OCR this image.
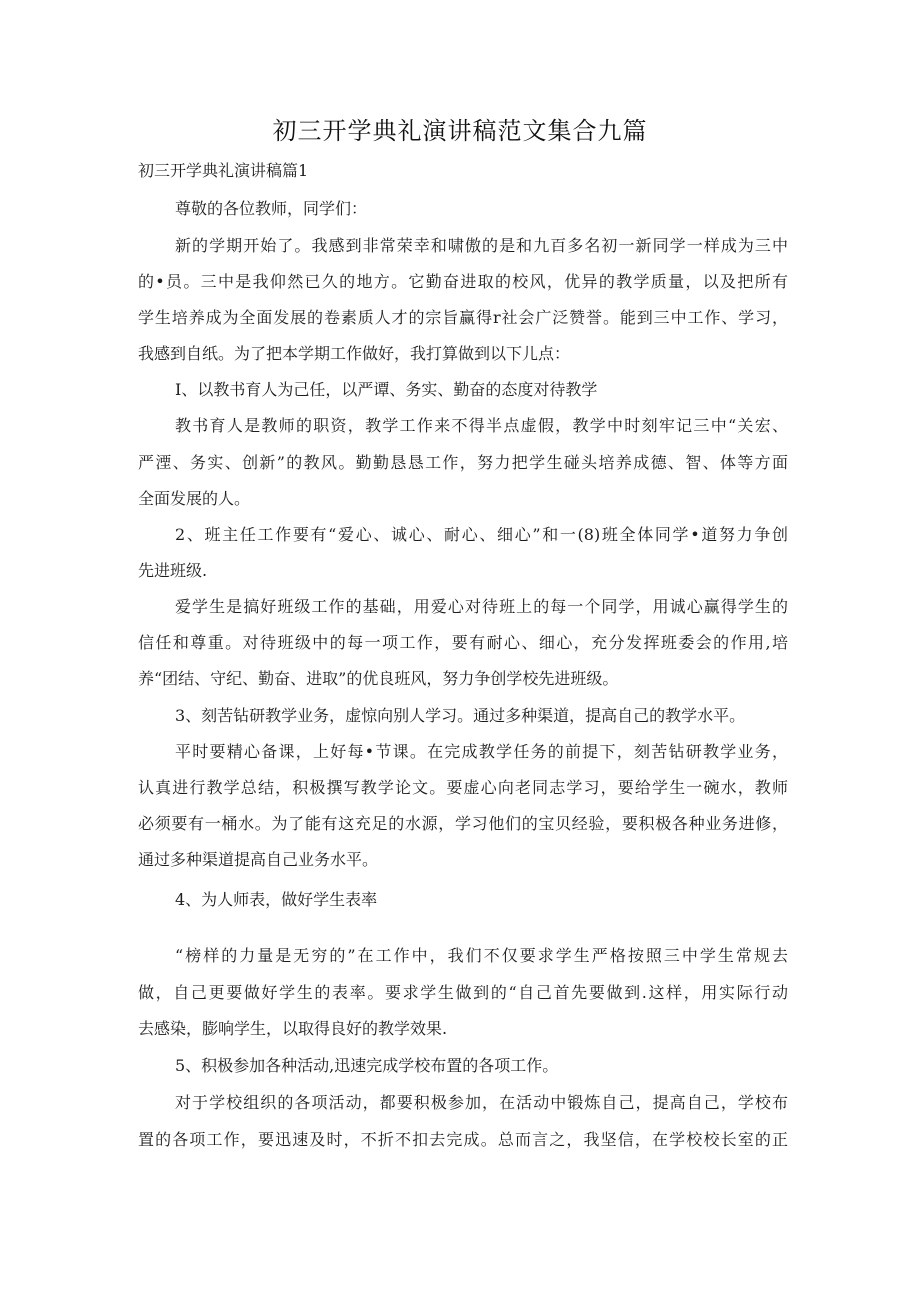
初三开学典礼演讲稿范文集合九篇
初三开学典礼演讲稿篇1
尊敬的各位教师，同学们：
新的学期开始了。我感到非常荣幸和啸傲的是和九百多名初一新同学一样成为三中
的•员。三中是我仰然已久的地方。它勤奋进取的校风，优异的教学质量，以及把所有
学生培养成为全面发展的卷素质人才的宗旨赢得r社会广泛赞誉。能到三中工作、学习，
我感到自纸。为了把本学期工作做好，我打算做到以下儿点：
I、以教书育人为己任，以严谭、务实、勤奋的态度对待教学
教书育人是教师的职资，教学工作来不得半点虚假，教学中时刻牢记三中“关宏、
严湮、务实、创新”的教风。勤勤恳恳工作，努力把学生碰头培养成德、智、体等方面
全面发展的人。
2、班主任工作要有“爱心、诚心、耐心、细心”和一(8)班全体同学•道努力争创
先进班级.
爱学生是搞好班级工作的基础，用爱心对待班上的每一个同学，用诚心赢得学生的
信任和尊重。对待班级中的每一项工作，要有耐心、细心，充分发挥班委会的作用,培
养“团结、守纪、勤奋、进取”的优良班风，努力争创学校先进班级。
3、刻苦钻研教学业务，虚惊向别人学习。通过多种渠道，提高自己的教学水平。
平时要精心备课，上好每•节课。在完成教学任务的前提下，刻苦钻研教学业务，
认真进行教学总结，积极撰写教学论文。要虚心向老同志学习，要给学生一碗水，教师
必须要有一桶水。为了能有这充足的水源，学习他们的宝贝经验，要积极各种业务进修，
通过多种渠道提高自己业务水平。
4、为人师表，做好学生表率
“榜样的力量是无穷的”在工作中，我们不仅要求学生严格按照三中学生常规去
做，自己更要做好学生的表率。要求学生做到的“自己首先要做到.这样，用实际行动
去感染，膨响学生，以取得良好的教学效果.
5、积极参加各种活动,迅速完成学校布置的各项工作。
对于学校组织的各项活动，都要积极参加，在活动中锻炼自己，提高自己，学校布
置的各项工作，要迅速及时，不折不扣去完成。总而言之，我坚信，在学校校长室的正
